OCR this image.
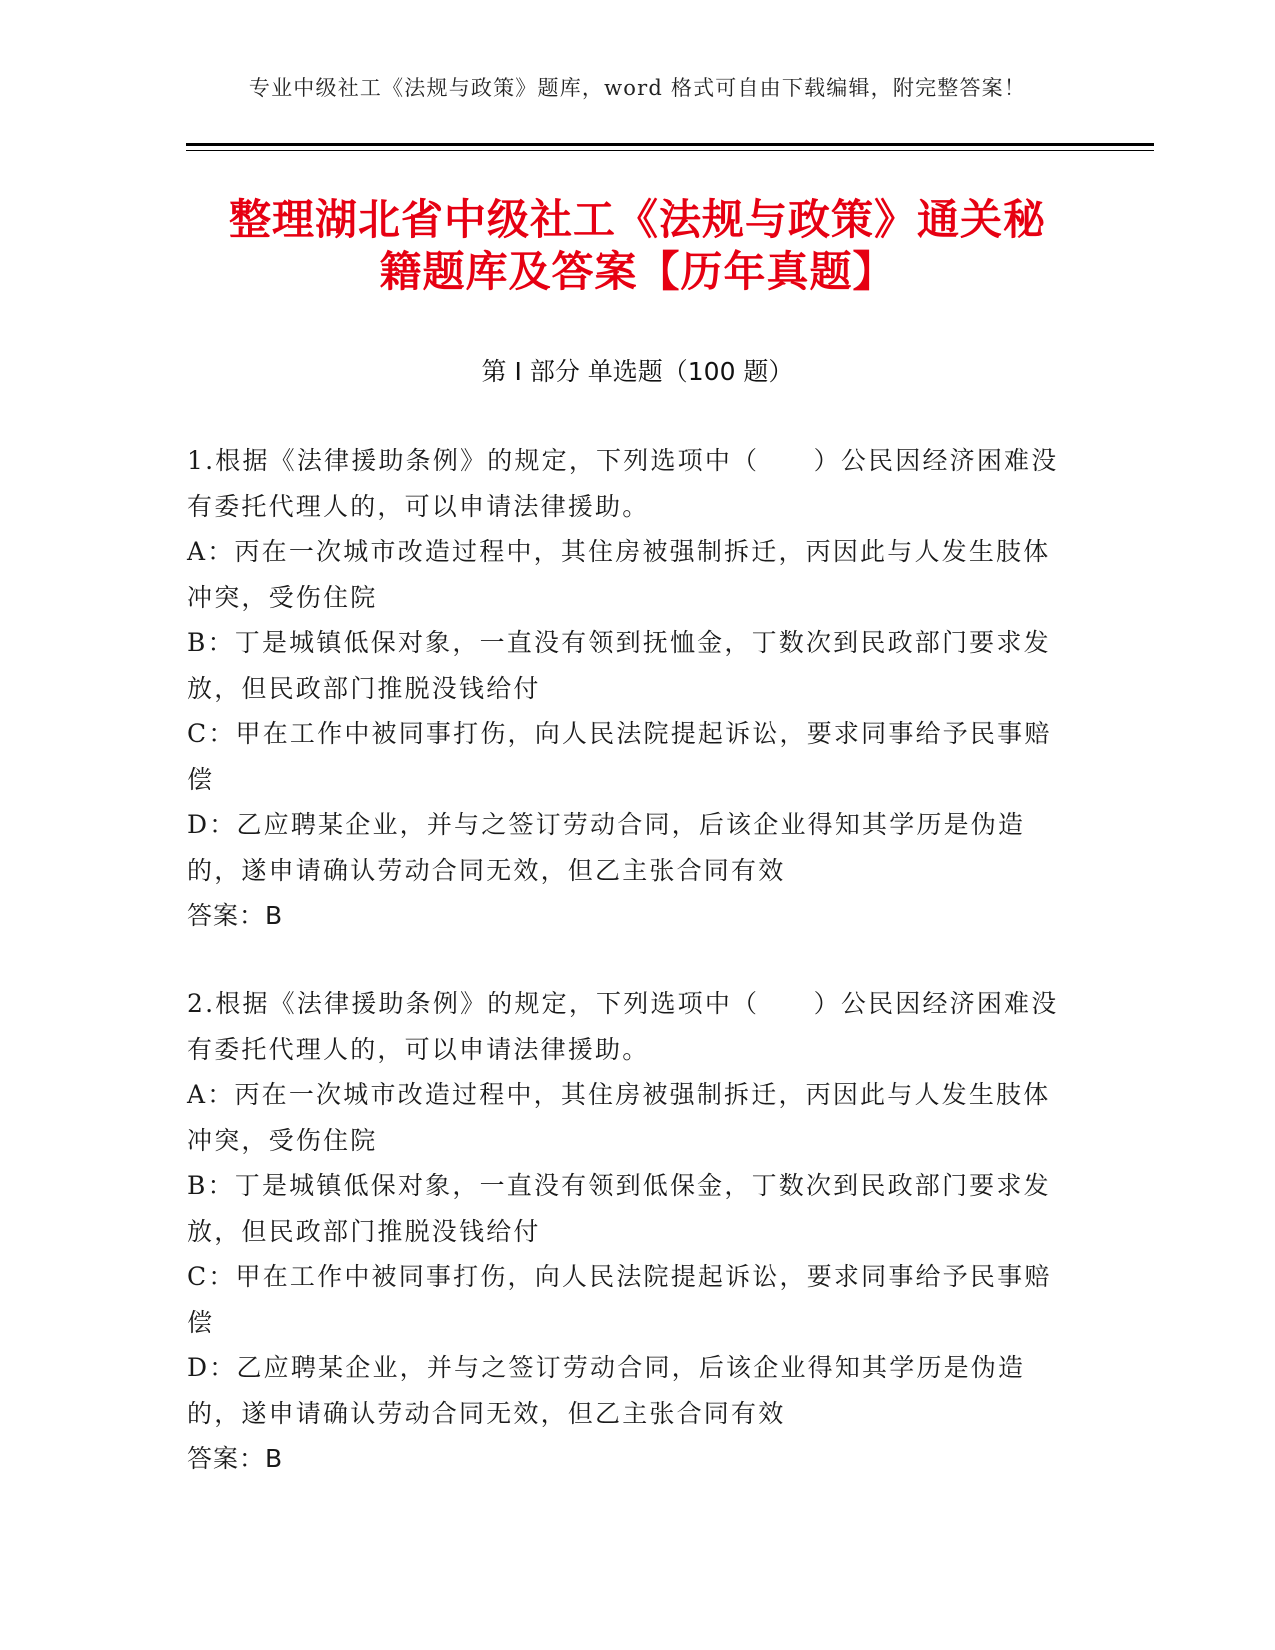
专业中级社工《法规与政策》题库，word 格式可自由下载编辑，附完整答案！
整理湖北省中级社工《法规与政策》通关秘
籍题库及答案【历年真题】
第 I 部分 单选题（100 题）

1.根据《法律援助条例》的规定，下列选项中（　　）公民因经济困难没有委托代理人的，可以申请法律援助。

A：丙在一次城市改造过程中，其住房被强制拆迁，丙因此与人发生肢体冲突，受伤住院

B：丁是城镇低保对象，一直没有领到抚恤金，丁数次到民政部门要求发放，但民政部门推脱没钱给付

C：甲在工作中被同事打伤，向人民法院提起诉讼，要求同事给予民事赔偿

D：乙应聘某企业，并与之签订劳动合同，后该企业得知其学历是伪造的，遂申请确认劳动合同无效，但乙主张合同有效

答案：B

2.根据《法律援助条例》的规定，下列选项中（　　）公民因经济困难没有委托代理人的，可以申请法律援助。

A：丙在一次城市改造过程中，其住房被强制拆迁，丙因此与人发生肢体冲突，受伤住院

B：丁是城镇低保对象，一直没有领到低保金，丁数次到民政部门要求发放，但民政部门推脱没钱给付

C：甲在工作中被同事打伤，向人民法院提起诉讼，要求同事给予民事赔偿

D：乙应聘某企业，并与之签订劳动合同，后该企业得知其学历是伪造的，遂申请确认劳动合同无效，但乙主张合同有效

答案：B
